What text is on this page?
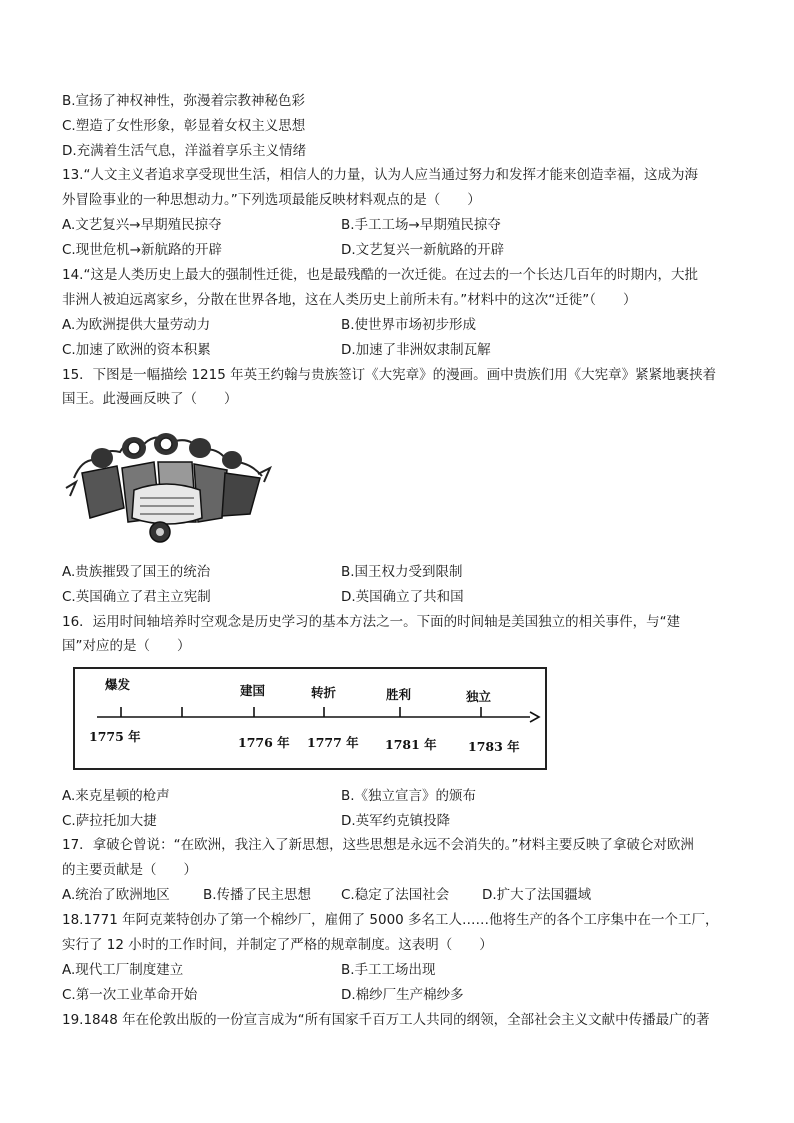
B.宣扬了神权神性，弥漫着宗教神秘色彩
C.塑造了女性形象，彰显着女权主义思想
D.充满着生活气息，洋溢着享乐主义情绪
13.“人文主义者追求享受现世生活，相信人的力量，认为人应当通过努力和发挥才能来创造幸福，这成为海
外冒险事业的一种思想动力。”下列选项最能反映材料观点的是（　　）
A.文艺复兴→早期殖民掠夺	B.手工工场→早期殖民掠夺
C.现世危机→新航路的开辟	D.文艺复兴一新航路的开辟
14.“这是人类历史上最大的强制性迁徙，也是最残酷的一次迁徙。在过去的一个长达几百年的时期内，大批
非洲人被迫远离家乡，分散在世界各地，这在人类历史上前所未有。”材料中的这次“迁徙”（　　）
A.为欧洲提供大量劳动力	B.使世界市场初步形成
C.加速了欧洲的资本积累	D.加速了非洲奴隶制瓦解
15．下图是一幅描绘 1215 年英王约翰与贵族签订《大宪章》的漫画。画中贵族们用《大宪章》紧紧地裹挟着
国王。此漫画反映了（　　）
A.贵族摧毁了国王的统治	B.国王权力受到限制
C.英国确立了君主立宪制	D.英国确立了共和国
16．运用时间轴培养时空观念是历史学习的基本方法之一。下面的时间轴是美国独立的相关事件，与“建
国”对应的是（　　）
爆发	建国	转折	胜利	独立
1775 年	1776 年 1777 年 1781 年	1783 年
A.来克星顿的枪声	B.《独立宣言》的颁布
C.萨拉托加大捷	D.英军约克镇投降
17．拿破仑曾说：“在欧洲，我注入了新思想，这些思想是永远不会消失的。”材料主要反映了拿破仑对欧洲
的主要贡献是（　　）
A.统治了欧洲地区 B.传播了民主思想 C.稳定了法国社会 D.扩大了法国疆域
18.1771 年阿克莱特创办了第一个棉纱厂，雇佣了 5000 多名工人……他将生产的各个工序集中在一个工厂，
实行了 12 小时的工作时间，并制定了严格的规章制度。这表明（　　）
A.现代工厂制度建立	B.手工工场出现
C.第一次工业革命开始	D.棉纱厂生产棉纱多
19.1848 年在伦敦出版的一份宣言成为“所有国家千百万工人共同的纲领，全部社会主义文献中传播最广的著
